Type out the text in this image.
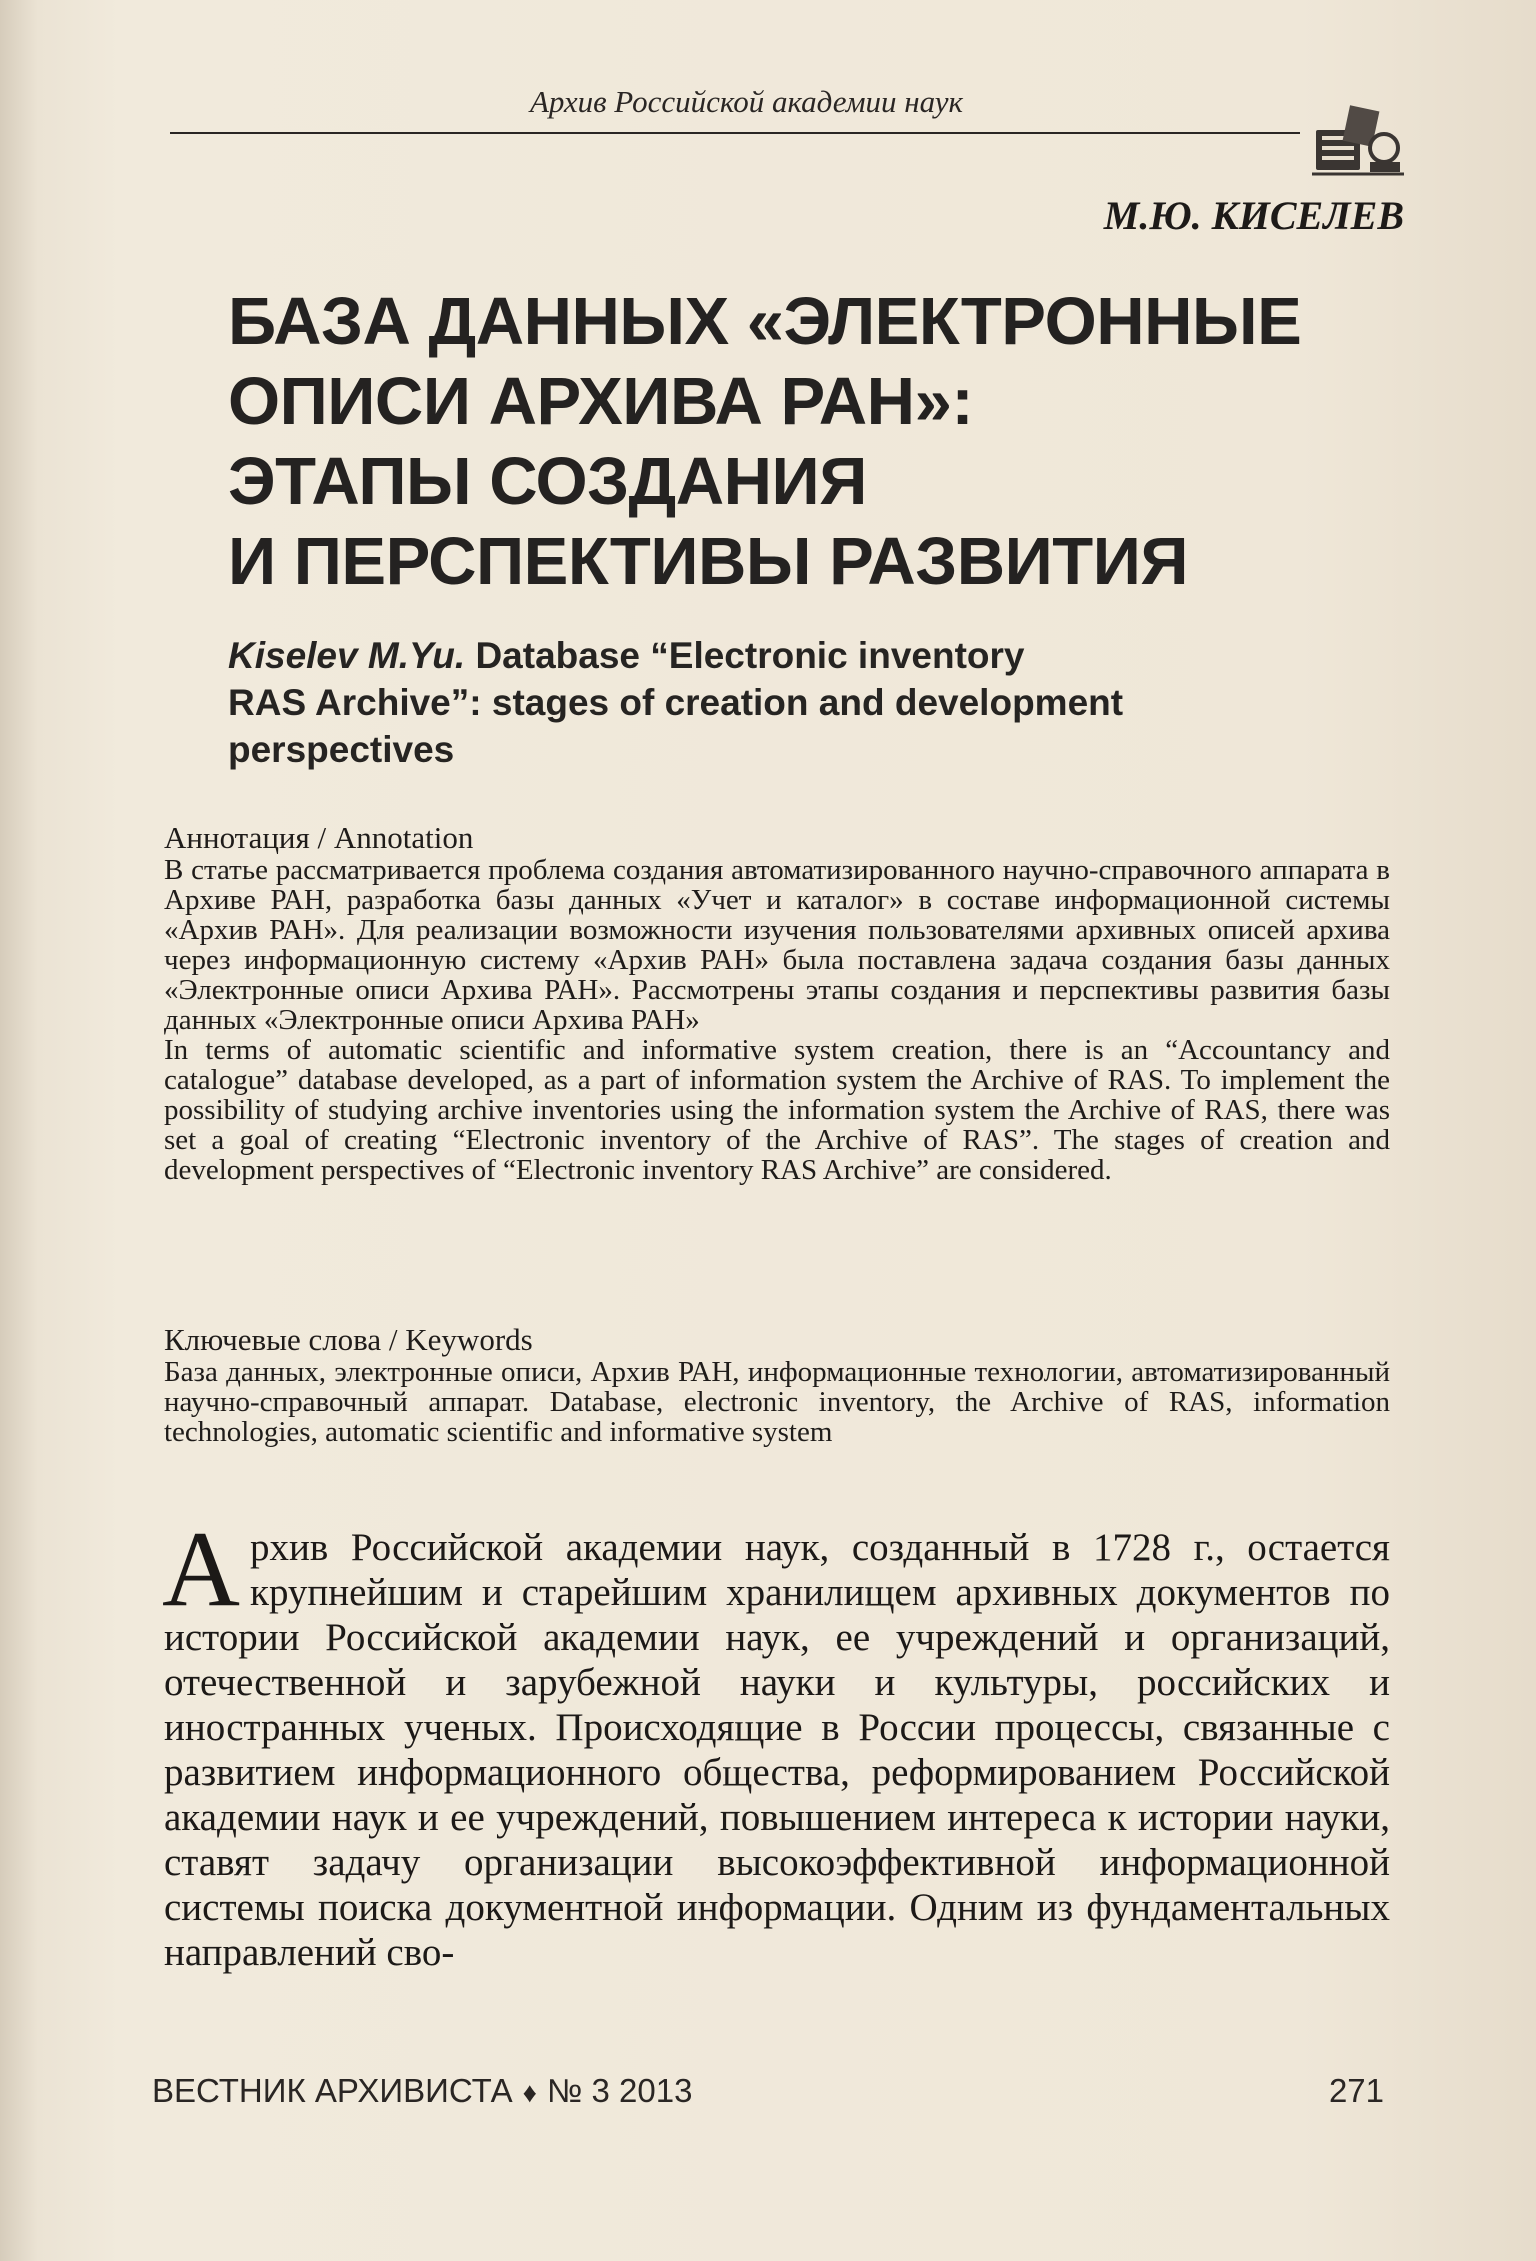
Архив Российской академии наук
М.Ю. КИСЕЛЕВ
БАЗА ДАННЫХ «ЭЛЕКТРОННЫЕ
ОПИСИ АРХИВА РАН»:
ЭТАПЫ СОЗДАНИЯ
И ПЕРСПЕКТИВЫ РАЗВИТИЯ
Kiselev M.Yu. Database “Electronic inventory
RAS Archive”: stages of creation and development
perspectives
Аннотация / Annotation
В статье рассматривается проблема создания автоматизированного научно-справочного аппарата в Архиве РАН, разработка базы данных «Учет и каталог» в составе информационной системы «Архив РАН». Для реализации возможности изучения пользователями архивных описей архива через информационную систему «Архив РАН» была поставлена задача создания базы данных «Электронные описи Архива РАН». Рассмотрены этапы создания и перспективы развития базы данных «Электронные описи Архива РАН»
In terms of automatic scientific and informative system creation, there is an “Accountancy and catalogue” database developed, as a part of information system the Archive of RAS. To implement the possibility of studying archive inventories using the information system the Archive of RAS, there was set a goal of creating “Electronic inventory of the Archive of RAS”. The stages of creation and development perspectives of “Electronic inventory RAS Archive” are considered.
Ключевые слова / Keywords
База данных, электронные описи, Архив РАН, информационные технологии, автоматизированный научно-справочный аппарат. Database, electronic inventory, the Archive of RAS, information technologies, automatic scientific and informative system
Архив Российской академии наук, созданный в 1728 г., остается крупнейшим и старейшим хранилищем архивных документов по истории Российской академии наук, ее учреждений и организаций, отечественной и зарубежной науки и культуры, российских и иностранных ученых. Происходящие в России процессы, связанные с развитием информационного общества, реформированием Российской академии наук и ее учреждений, повышением интереса к истории науки, ставят задачу организации высокоэффективной информационной системы поиска документной информации. Одним из фундаментальных направлений сво-
ВЕСТНИК АРХИВИСТА ♦ № 3 2013	271
